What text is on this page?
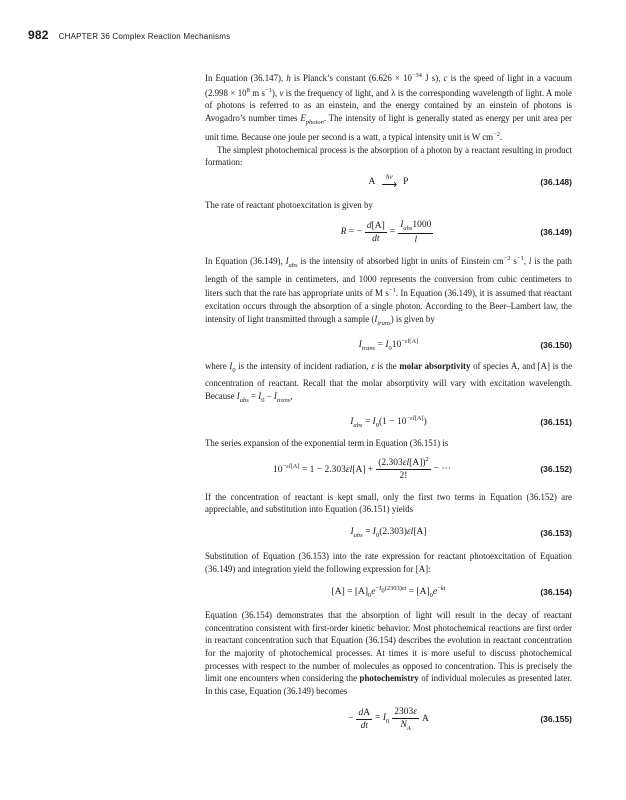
982 CHAPTER 36 Complex Reaction Mechanisms

In Equation (36.147), h is Planck’s constant ($6.626 \times 10^{-34}$ J s), c is the speed of light in a vacuum ($2.998 \times 10^8$ m $s^{-1}$), ν is the frequency of light, and λ is the corresponding wavelength of light. A mole of photons is referred to as an einstein, and the energy contained by an einstein of photons is Avogadro’s number times $E_{photon}$. The intensity of light is generally stated as energy per unit area per unit time. Because one joule per second is a watt, a typical intensity unit is W $cm^{-2}$.

The simplest photochemical process is the absorption of a photon by a reactant resulting in product formation:

A hν
⟶ P	(36.148)

The rate of reactant photoexcitation is given by

R = − $\frac{d[A]}{dt} = \frac{I_{abs}1000}{l}$	(36.149)

In Equation (36.149), $I_{abs}$ is the intensity of absorbed light in units of Einstein $cm^{-2}$ $s^{-1}$, l is the path length of the sample in centimeters, and 1000 represents the conversion from cubic centimeters to liters such that the rate has appropriate units of M $s^{-1}$. In Equation (36.149), it is assumed that reactant excitation occurs through the absorption of a single photon. According to the Beer–Lambert law, the intensity of light transmitted through a sample $(I_{trans})$ is given by

$I_{trans} = I_010^{-\varepsilon l[A]}$	(36.150)

where $I_0$ is the intensity of incident radiation, ε is the molar absorptivity of species A, and [A] is the concentration of reactant. Recall that the molar absorptivity will vary with excitation wavelength. Because $I_{abs} = I_0 - I_{trans}$,

$I_{abs} = I_0(1 - 10^{-\varepsilon l[A]})$	(36.151)

The series expansion of the exponential term in Equation (36.151) is

$10^{-\varepsilon l[A]} = 1 - 2.303\varepsilon l[A] + \frac{(2.303\varepsilon l[A])^2}{2!}$ − ⋯	(36.152)

If the concentration of reactant is kept small, only the first two terms in Equation (36.152) are appreciable, and substitution into Equation (36.151) yields

$I_{abs} = I_0(2.303)\varepsilon l[A]$	(36.153)

Substitution of Equation (36.153) into the rate expression for reactant photoexcitation of Equation (36.149) and integration yield the following expression for [A]:

$[A] = [A]_0e^{-I_0(2303)\varepsilon t} = [A]_0e^{-kt}$	(36.154)

Equation (36.154) demonstrates that the absorption of light will result in the decay of reactant concentration consistent with first-order kinetic behavior. Most photochemical reactions are first order in reactant concentration such that Equation (36.154) describes the evolution in reactant concentration for the majority of photochemical processes. At times it is more useful to discuss photochemical processes with respect to the number of molecules as opposed to concentration. This is precisely the limit one encounters when considering the photochemistry of individual molecules as presented later. In this case, Equation (36.149) becomes

− $\frac{dA}{dt} = I_0 \frac{2303\varepsilon}{N_A}$ A	(36.155)
